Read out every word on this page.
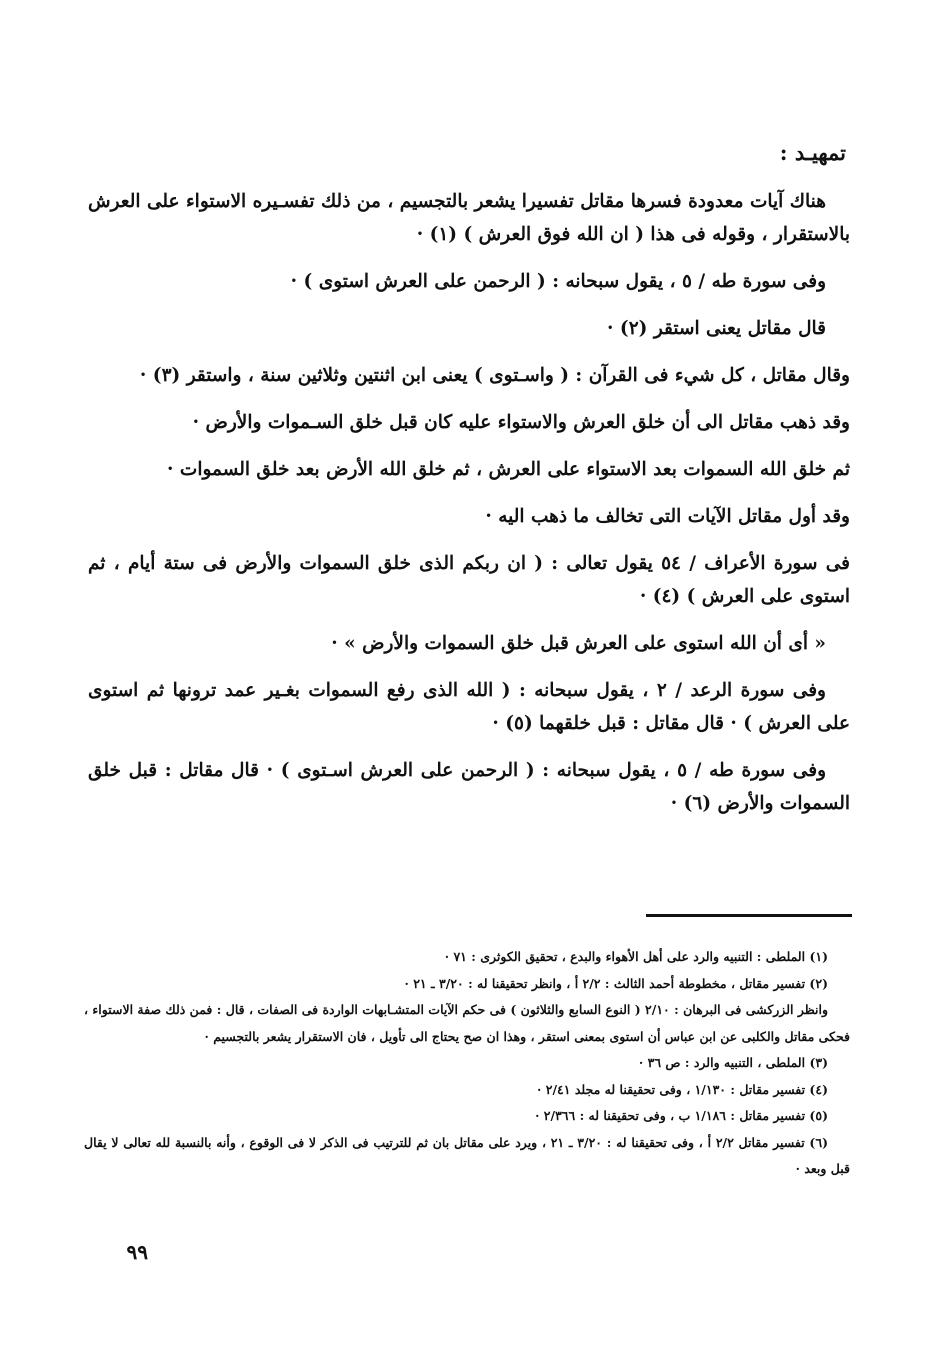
تمهيـد :

هناك آيات معدودة فسرها مقاتل تفسيرا يشعر بالتجسيم ، من ذلك تفسـيره الاستواء على العرش بالاستقرار ، وقوله فى هذا ( ان الله فوق العرش ) (١) ·

وفى سورة طه / ٥ ، يقول سبحانه : ( الرحمن على العرش استوى ) ·

قال مقاتل يعنى استقر (٢) ·

وقال مقاتل ، كل شيء فى القرآن : ( واسـتوى ) يعنى ابن اثنتين وثلاثين سنة ، واستقر (٣) ·

وقد ذهب مقاتل الى أن خلق العرش والاستواء عليه كان قبل خلق السـموات والأرض ·

ثم خلق الله السموات بعد الاستواء على العرش ، ثم خلق الله الأرض بعد خلق السموات ·

وقد أول مقاتل الآيات التى تخالف ما ذهب اليه ·

فى سورة الأعراف / ٥٤ يقول تعالى : ( ان ربكم الذى خلق السموات والأرض فى ستة أيام ، ثم استوى على العرش ) (٤) ·

« أى أن الله استوى على العرش قبل خلق السموات والأرض » ·

وفى سورة الرعد / ٢ ، يقول سبحانه : ( الله الذى رفع السموات بغـير عمد ترونها ثم استوى على العرش ) · قال مقاتل : قبل خلقهما (٥) ·

وفى سورة طه / ٥ ، يقول سبحانه : ( الرحمن على العرش اسـتوى ) · قال مقاتل : قبل خلق السموات والأرض (٦) ·

(١) الملطى : التنبيه والرد على أهل الأهواء والبدع ، تحقيق الكوثرى : ٧١ ·

(٢) تفسير مقاتل ، مخطوطة أحمد الثالث : ٢/٢ أ ، وانظر تحقيقنا له : ٣/٢٠ ـ ٢١ ·

وانظر الزركشى فى البرهان : ٢/١٠ ( النوع السابع والثلاثون ) فى حكم الآيات المتشـابهات الواردة فى الصفات ، قال : فمن ذلك صفة الاستواء ، فحكى مقاتل والكلبى عن ابن عباس أن استوى بمعنى استقر ، وهذا ان صح يحتاج الى تأويل ، فان الاستقرار يشعر بالتجسيم ·

(٣) الملطى ، التنبيه والرد : ص ٣٦ ·

(٤) تفسير مقاتل : ١/١٣٠ ، وفى تحقيقنا له مجلد ٢/٤١ ·

(٥) تفسير مقاتل : ١/١٨٦ ب ، وفى تحقيقنا له : ٢/٣٦٦ ·

(٦) تفسير مقاتل ٢/٢ أ ، وفى تحقيقنا له : ٣/٢٠ ـ ٢١ ، ويرد على مقاتل بان ثم للترتيب فى الذكر لا فى الوقوع ، وأنه بالنسبة لله تعالى لا يقال قبل وبعد ·

٩٩
